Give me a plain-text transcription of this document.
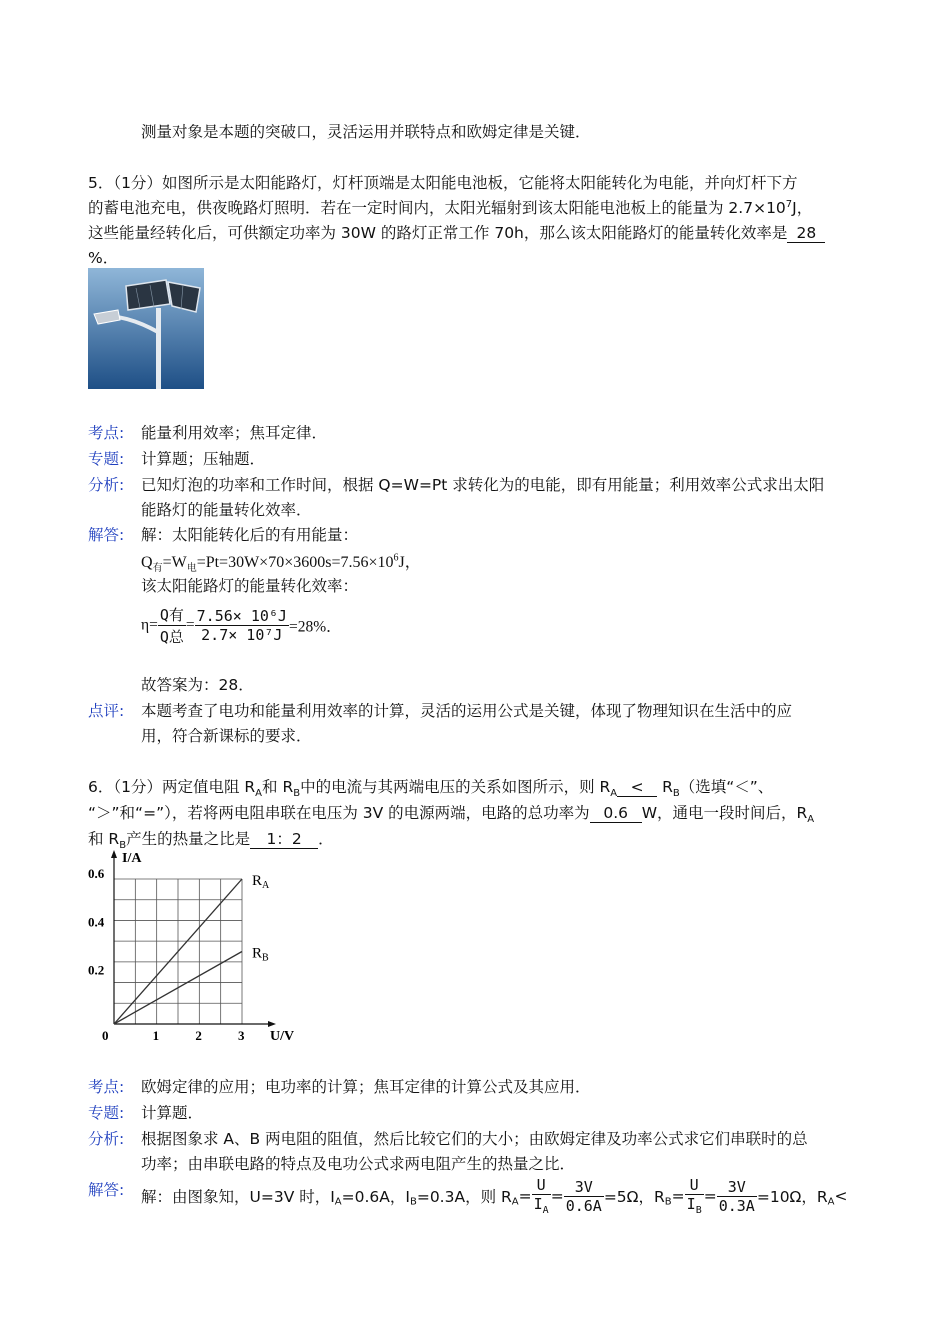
测量对象是本题的突破口，灵活运用并联特点和欧姆定律是关键．
5．（1分）如图所示是太阳能路灯，灯杆顶端是太阳能电池板，它能将太阳能转化为电能，并向灯杆下方
的蓄电池充电，供夜晚路灯照明．若在一定时间内，太阳光辐射到该太阳能电池板上的能量为 $2.7\times 10^7J$，
这些能量经转化后，可供额定功率为 30W 的路灯正常工作 70h，那么该太阳能路灯的能量转化效率是 28
%．
考点: 能量利用效率；焦耳定律．
专题: 计算题；压轴题．
分析: 已知灯泡的功率和工作时间，根据 Q=W=Pt 求转化为的电能，即有用能量；利用效率公式求出太阳
能路灯的能量转化效率．
解答: 解：太阳能转化后的有用能量：
$Q_有=W_电=Pt=30W\times 70\times 3600s=7.56\times 10^6J$，
该太阳能路灯的能量转化效率：
$\eta= \frac{\text{Q有}}{\text{Q总}} = \frac{\text{7.56× 10⁶J}}{\text{2.7× 10⁷J}} =28\%$．
故答案为：28．
点评: 本题考查了电功和能量利用效率的计算，灵活的运用公式是关键，体现了物理知识在生活中的应
用，符合新课标的要求．
6．（1分）两定值电阻 $R_A$和 $R_B$中的电流与其两端电压的关系如图所示，则 $R_A < R_B$（选填“＜”、
“＞”和“=”），若将两电阻串联在电压为 3V 的电源两端，电路的总功率为 0.6 W，通电一段时间后，$R_A$
和 $R_B$产生的热量之比是 1：2 ．
U/V
I/A
0	1	2	3
0.2
0.4
0.6	$R_A$
$R_B$
考点: 欧姆定律的应用；电功率的计算；焦耳定律的计算公式及其应用．
专题: 计算题．
分析: 根据图象求 A、B 两电阻的阻值，然后比较它们的大小；由欧姆定律及功率公式求它们串联时的总
功率；由串联电路的特点及电功公式求两电阻产生的热量之比．
解答: 解：由图象知，U=3V 时，$I_A=0.6A$，$I_B=0.3A$，则 $R_A= \frac{U}{I_A} = \frac{3V}{0.6A} =5\Omega$，$R_B= \frac{U}{I_B} = \frac{3V}{0.3A} =10\Omega$，$R_A<$
